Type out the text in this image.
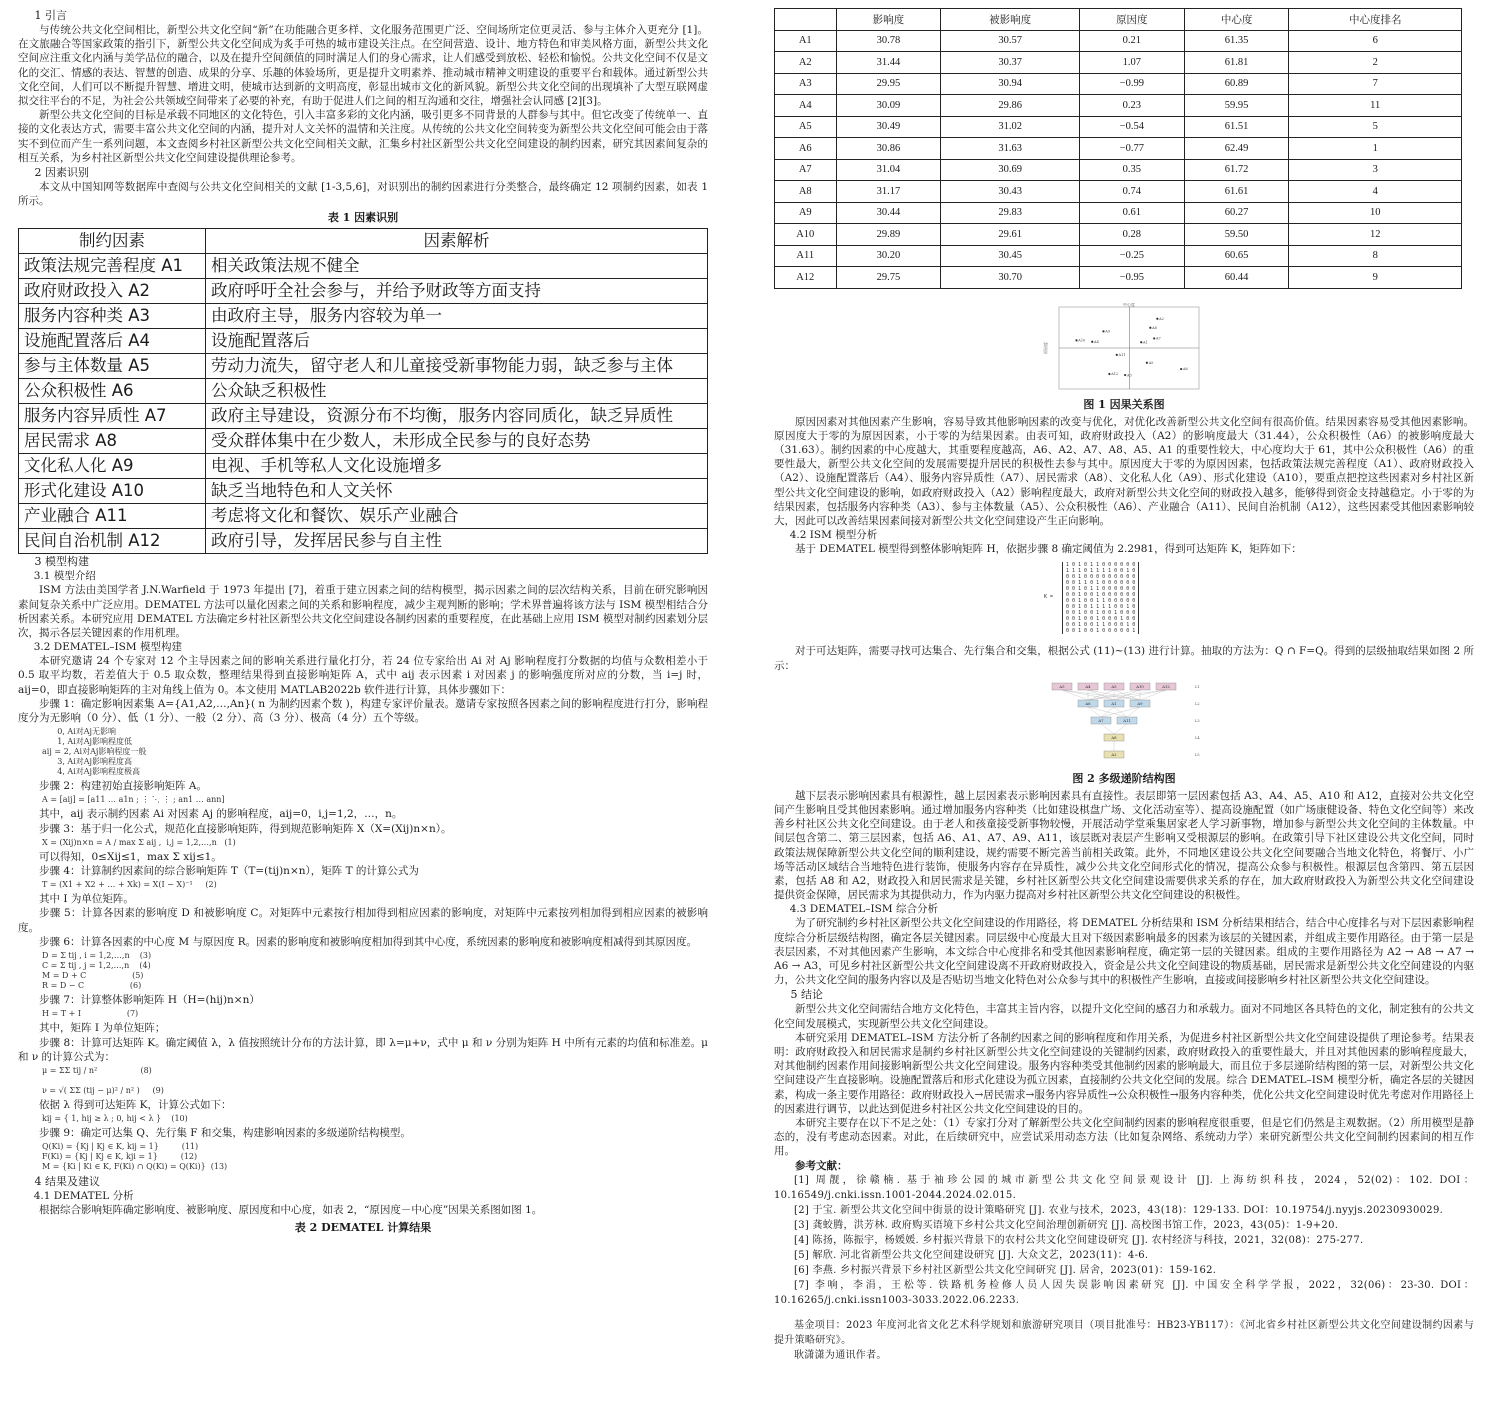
1 引言

与传统公共文化空间相比，新型公共文化空间“新”在功能融合更多样、文化服务范围更广泛、空间场所定位更灵活、参与主体介入更充分 [1]。在文旅融合等国家政策的指引下，新型公共文化空间成为炙手可热的城市建设关注点。在空间营造、设计、地方特色和审美风格方面，新型公共文化空间应注重文化内涵与美学品位的融合，以及在提升空间颜值的同时满足人们的身心需求，让人们感受到放松、轻松和愉悦。公共文化空间不仅是文化的交汇、情感的表达、智慧的创造、成果的分享、乐趣的体验场所，更是提升文明素养、推动城市精神文明建设的重要平台和载体。通过新型公共文化空间，人们可以不断提升智慧、增进文明，使城市达到新的文明高度，彰显出城市文化的新风貌。新型公共文化空间的出现填补了大型互联网虚拟交往平台的不足，为社会公共领域空间带来了必要的补充，有助于促进人们之间的相互沟通和交往，增强社会认同感 [2][3]。

新型公共文化空间的目标是承载不同地区的文化特色，引入丰富多彩的文化内涵，吸引更多不同背景的人群参与其中。但它改变了传统单一、直接的文化表达方式，需要丰富公共文化空间的内涵，提升对人文关怀的温情和关注度。从传统的公共文化空间转变为新型公共文化空间可能会由于落实不到位而产生一系列问题，本文查阅乡村社区新型公共文化空间相关文献，汇集乡村社区新型公共文化空间建设的制约因素，研究其因素间复杂的相互关系，为乡村社区新型公共文化空间建设提供理论参考。

2 因素识别

本文从中国知网等数据库中查阅与公共文化空间相关的文献 [1-3,5,6]，对识别出的制约因素进行分类整合，最终确定 12 项制约因素，如表 1 所示。

表 1 因素识别
制约因素	因素解析
政策法规完善程度 A1	相关政策法规不健全
政府财政投入 A2	政府呼吁全社会参与，并给予财政等方面支持
服务内容种类 A3	由政府主导，服务内容较为单一
设施配置落后 A4	设施配置落后
参与主体数量 A5	劳动力流失，留守老人和儿童接受新事物能力弱，缺乏参与主体
公众积极性 A6	公众缺乏积极性
服务内容异质性 A7	政府主导建设，资源分布不均衡，服务内容同质化，缺乏异质性
居民需求 A8	受众群体集中在少数人，未形成全民参与的良好态势
文化私人化 A9	电视、手机等私人文化设施增多
形式化建设 A10	缺乏当地特色和人文关怀
产业融合 A11	考虑将文化和餐饮、娱乐产业融合
民间自治机制 A12	政府引导，发挥居民参与自主性
3 模型构建
3.1 模型介绍

ISM 方法由美国学者 J.N.Warfield 于 1973 年提出 [7]，着重于建立因素之间的结构模型，揭示因素之间的层次结构关系，目前在研究影响因素间复杂关系中广泛应用。DEMATEL 方法可以量化因素之间的关系和影响程度，减少主观判断的影响；学术界普遍将该方法与 ISM 模型相结合分析因素关系。本研究应用 DEMATEL 方法确定乡村社区新型公共文化空间建设各制约因素的重要程度，在此基础上应用 ISM 模型对制约因素划分层次，揭示各层关键因素的作用机理。

3.2 DEMATEL–ISM 模型构建

本研究邀请 24 个专家对 12 个主导因素之间的影响关系进行量化打分，若 24 位专家给出 Ai 对 Aj 影响程度打分数据的均值与众数相差小于 0.5 取平均数，若差值大于 0.5 取众数，整理结果得到直接影响矩阵 A，式中 aij 表示因素 i 对因素 j 的影响强度所对应的分数，当 i=j 时，aij=0，即直接影响矩阵的主对角线上值为 0。本文使用 MATLAB2022b 软件进行计算，具体步骤如下：

步骤 1：确定影响因素集 A={A1,A2,…,An}( n 为制约因素个数 )，构建专家评价量表。邀请专家按照各因素之间的影响程度进行打分，影响程度分为无影响（0 分）、低（1 分）、一般（2 分）、高（3 分）、极高（4 分）五个等级。

0, Ai对Aj无影响
1, Ai对Aj影响程度低
aij = 2, Ai对Aj影响程度一般
3, Ai对Aj影响程度高
4, Ai对Aj影响程度极高

步骤 2：构建初始直接影响矩阵 A。

A = [aij] = [a11 … a1n ; ⋮ ⋱ ⋮ ; an1 … ann]

其中，aij 表示制约因素 Ai 对因素 Aj 的影响程度，aij=0，i,j=1,2，…，n。

步骤 3：基于归一化公式，规范化直接影响矩阵，得到规范影响矩阵 X（X=(Xij)n×n）。

X = (Xij)n×n = A / max Σ aij ,  i,j = 1,2,…,n   (1)

可以得知，0≤Xij≤1，max Σ xij≤1。

步骤 4：计算制约因素间的综合影响矩阵 T（T=(tij)n×n），矩阵 T 的计算公式为

T = (X1 + X2 + … + Xk) = X(I − X)⁻¹     (2)

其中 I 为单位矩阵。

步骤 5：计算各因素的影响度 D 和被影响度 C。对矩阵中元素按行相加得到相应因素的影响度，对矩阵中元素按列相加得到相应因素的被影响度。

步骤 6：计算各因素的中心度 M 与原因度 R。因素的影响度和被影响度相加得到其中心度，系统因素的影响度和被影响度相减得到其原因度。

D = Σ tij , i = 1,2,…,n    (3)
C = Σ tij , j = 1,2,…,n    (4)
M = D + C                  (5)
R = D − C                  (6)

步骤 7：计算整体影响矩阵 H（H=(hij)n×n）

H = T + I                  (7)

其中，矩阵 I 为单位矩阵；

步骤 8：计算可达矩阵 K。确定阈值 λ，λ 值按照统计分布的方法计算，即 λ=μ+ν，式中 μ 和 ν 分别为矩阵 H 中所有元素的均值和标准差。μ 和 ν 的计算公式为：

μ = ΣΣ tij / n²                 (8)

ν = √( ΣΣ (tij − μ)² / n² )     (9)

依据 λ 得到可达矩阵 K，计算公式如下：

kij = { 1, hij ≥ λ ; 0, hij < λ }    (10)

步骤 9：确定可达集 Q、先行集 F 和交集，构建影响因素的多级递阶结构模型。

Q(Ki) = {Kj | Kj ∈ K, kij = 1}         (11)
F(Ki) = {Kj | Kj ∈ K, kji = 1}         (12)
M = {Ki | Ki ∈ K, F(Ki) ∩ Q(Ki) = Q(Ki)}  (13)
4 结果及建议
4.1 DEMATEL 分析

根据综合影响矩阵确定影响度、被影响度、原因度和中心度，如表 2，“原因度－中心度”因果关系图如图 1。

表 2 DEMATEL 计算结果
	影响度	被影响度	原因度	中心度	中心度排名
A1	30.78	30.57	0.21	61.35	6
A2	31.44	30.37	1.07	61.81	2
A3	29.95	30.94	−0.99	60.89	7
A4	30.09	29.86	0.23	59.95	11
A5	30.49	31.02	−0.54	61.51	5
A6	30.86	31.63	−0.77	62.49	1
A7	31.04	30.69	0.35	61.72	3
A8	31.17	30.43	0.74	61.61	4
A9	30.44	29.83	0.61	60.27	10
A10	29.89	29.61	0.28	59.50	12
A11	30.20	30.45	−0.25	60.65	8
A12	29.75	30.70	−0.95	60.44	9
中心度
原因度	A1
A2
A3
A4
A5
A6
A7
A8
A9
A10
A11
A12
图 1 因果关系图

原因因素对其他因素产生影响，容易导致其他影响因素的改变与优化，对优化改善新型公共文化空间有很高价值。结果因素容易受其他因素影响。原因度大于零的为原因因素，小于零的为结果因素。由表可知，政府财政投入（A2）的影响度最大（31.44），公众积极性（A6）的被影响度最大（31.63）。制约因素的中心度越大，其重要程度越高，A6、A2、A7、A8、A5、A1 的重要性较大，中心度均大于 61，其中公众积极性（A6）的重要性最大，新型公共文化空间的发展需要提升居民的积极性去参与其中。原因度大于零的为原因因素，包括政策法规完善程度（A1）、政府财政投入（A2）、设施配置落后（A4）、服务内容异质性（A7）、居民需求（A8）、文化私人化（A9）、形式化建设（A10），要重点把控这些因素对乡村社区新型公共文化空间建设的影响，如政府财政投入（A2）影响程度最大，政府对新型公共文化空间的财政投入越多，能够得到资金支持越稳定。小于零的为结果因素，包括服务内容种类（A3）、参与主体数量（A5）、公众积极性（A6）、产业融合（A11）、民间自治机制（A12），这些因素受其他因素影响较大，因此可以改善结果因素间接对新型公共文化空间建设产生正向影响。

4.2 ISM 模型分析

基于 DEMATEL 模型得到整体影响矩阵 H，依据步骤 8 确定阈值为 2.2981，得到可达矩阵 K，矩阵如下：

K =
1 0 1 0 1 1 0 0 0 0 0 0
1 1 1 0 1 1 1 1 0 0 1 0
0 0 1 0 0 0 0 0 0 0 0 0
0 0 1 1 0 1 0 0 0 0 0 0
0 0 1 0 1 1 0 0 0 0 0 0
0 0 1 0 0 1 0 0 0 0 0 0
0 0 1 0 0 1 1 0 0 0 0 0
0 0 1 0 1 1 1 1 0 0 1 0
0 0 1 0 0 1 0 0 1 0 0 0
0 0 1 0 0 1 0 0 0 1 0 0
0 0 1 0 0 1 1 0 0 0 1 0
0 0 1 0 0 1 0 0 0 0 0 1

对于可达矩阵，需要寻找可达集合、先行集合和交集，根据公式 (11)~(13) 进行计算。抽取的方法为：Q ∩ F=Q。得到的层级抽取结果如图 2 所示：

A3	A4	A5	A10	A12	L1
A6	A1	A9	L2
A7	A11	L3
A8	L4
A2	L5
图 2 多级递阶结构图

越下层表示影响因素具有根源性，越上层因素表示影响因素具有直接性。表层即第一层因素包括 A3、A4、A5、A10 和 A12，直接对公共文化空间产生影响且受其他因素影响。通过增加服务内容种类（比如建设棋盘广场、文化活动室等）、提高设施配置（如广场康健设备、特色文化空间等）来改善乡村社区公共文化空间建设。由于老人和孩童接受新事物较慢，开展活动学堂乘集居家老人学习新事物，增加参与新型公共文化空间的主体数量。中间层包含第二、第三层因素，包括 A6、A1、A7、A9、A11，该层既对表层产生影响又受根源层的影响。在政策引导下社区建设公共文化空间，同时政策法规保障新型公共文化空间的顺利建设，规约需要不断完善当前相关政策。此外，不同地区建设公共文化空间要融合当地文化特色，将餐厅、小广场等活动区域结合当地特色进行装饰，使服务内容存在异质性，减少公共文化空间形式化的情况，提高公众参与积极性。根源层包含第四、第五层因素，包括 A8 和 A2，财政投入和居民需求是关键，乡村社区新型公共文化空间建设需要供求关系的存在，加大政府财政投入为新型公共文化空间建设提供资金保障，居民需求为其提供动力，作为内驱力提高对乡村社区新型公共文化空间建设的积极性。

4.3 DEMATEL–ISM 综合分析

为了研究制约乡村社区新型公共文化空间建设的作用路径，将 DEMATEL 分析结果和 ISM 分析结果相结合，结合中心度排名与对下层因素影响程度综合分析层级结构图，确定各层关键因素。同层级中心度最大且对下级因素影响最多的因素为该层的关键因素，并组成主要作用路径。由于第一层是表层因素，不对其他因素产生影响，本文综合中心度排名和受其他因素影响程度，确定第一层的关键因素。组成的主要作用路径为 A2 → A8 → A7 → A6 → A3，可见乡村社区新型公共文化空间建设离不开政府财政投入，资金是公共文化空间建设的物质基础，居民需求是新型公共文化空间建设的内驱力，公共文化空间的服务内容以及是否贴切当地文化特色对公众参与其中的积极性产生影响，直接或间接影响乡村社区新型公共文化空间建设。

5 结论

新型公共文化空间需结合地方文化特色，丰富其主旨内容，以提升文化空间的感召力和承载力。面对不同地区各具特色的文化，制定独有的公共文化空间发展模式，实现新型公共文化空间建设。

本研究采用 DEMATEL–ISM 方法分析了各制约因素之间的影响程度和作用关系，为促进乡村社区新型公共文化空间建设提供了理论参考。结果表明：政府财政投入和居民需求是制约乡村社区新型公共文化空间建设的关键制约因素，政府财政投入的重要性最大，并且对其他因素的影响程度最大，对其他制约因素作用间接影响新型公共文化空间建设。服务内容种类受其他制约因素的影响最大，而且位于多层递阶结构图的第一层，对新型公共文化空间建设产生直接影响。设施配置落后和形式化建设为孤立因素，直接制约公共文化空间的发展。综合 DEMATEL–ISM 模型分析，确定各层的关键因素，构成一条主要作用路径：政府财政投入→居民需求→服务内容异质性→公众积极性→服务内容种类，优化公共文化空间建设时优先考虑对作用路径上的因素进行调节，以此达到促进乡村社区公共文化空间建设的目的。

本研究主要存在以下不足之处：（1）专家打分对了解新型公共文化空间制约因素的影响程度很重要，但是它们仍然是主观数据。（2）所用模型是静态的，没有考虑动态因素。对此，在后续研究中，应尝试采用动态方法（比如复杂网络、系统动力学）来研究新型公共文化空间制约因素间的相互作用。

参考文献：

[1] 周靓，徐赣楠. 基于袖珍公园的城市新型公共文化空间景观设计 [J]. 上海纺织科技，2024，52(02)：102. DOI：10.16549/j.cnki.issn.1001-2044.2024.02.015.

[2] 于宝. 新型公共文化空间中街景的设计策略研究 [J]. 农业与技术，2023，43(18)：129-133. DOI：10.19754/j.nyyjs.20230930029.

[3] 龚蛟腾，洪芳林. 政府购买语境下乡村公共文化空间治理创新研究 [J]. 高校图书馆工作，2023，43(05)：1-9+20.

[4] 陈扬，陈振宇，杨媛媛. 乡村振兴背景下的农村公共文化空间建设研究 [J]. 农村经济与科技，2021，32(08)：275-277.

[5] 解欣. 河北省新型公共文化空间建设研究 [J]. 大众文艺，2023(11)：4-6.

[6] 李燕. 乡村振兴背景下乡村社区新型公共文化空间研究 [J]. 居舍，2023(01)：159-162.

[7] 李响，李涓，王松等. 铁路机务检修人员人因失误影响因素研究 [J]. 中国安全科学学报，2022，32(06)：23-30. DOI：10.16265/j.cnki.issn1003-3033.2022.06.2233.

基金项目：2023 年度河北省文化艺术科学规划和旅游研究项目（项目批准号：HB23-YB117）：《河北省乡村社区新型公共文化空间建设制约因素与提升策略研究》。

耿潇潇为通讯作者。
